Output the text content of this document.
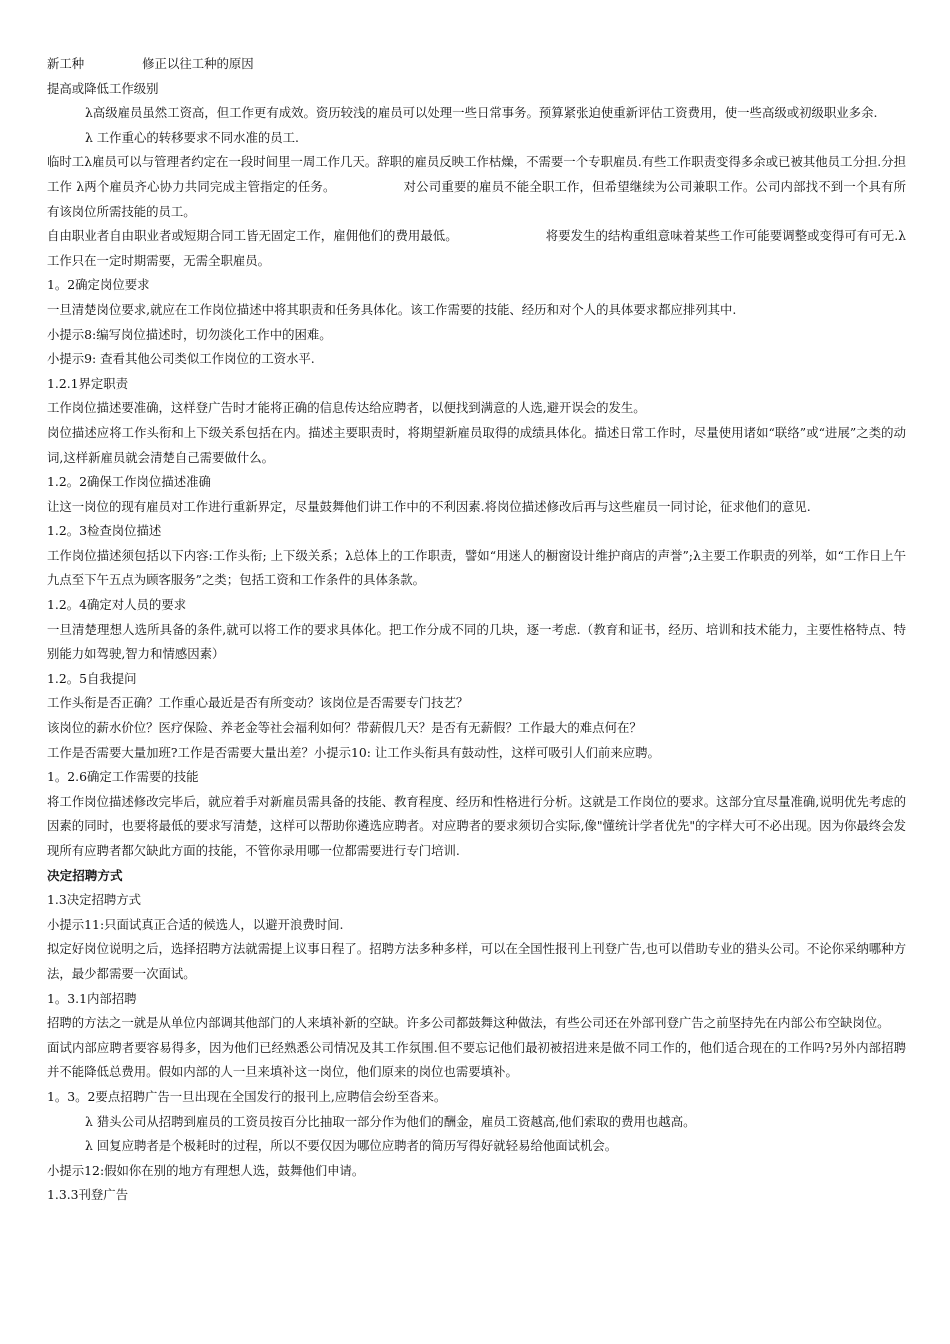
新工种	修正以往工种的原因

提高或降低工作级别

λ高级雇员虽然工资高，但工作更有成效。资历较浅的雇员可以处理一些日常事务。预算紧张迫使重新评估工资费用，使一些高级或初级职业多余.

λ 工作重心的转移要求不同水准的员工.

临时工λ雇员可以与管理者约定在一段时间里一周工作几天。辞职的雇员反映工作枯燥，不需要一个专职雇员.有些工作职责变得多余或已被其他员工分担.分担工作 λ两个雇员齐心协力共同完成主管指定的任务。	对公司重要的雇员不能全职工作，但希望继续为公司兼职工作。公司内部找不到一个具有所有该岗位所需技能的员工。

自由职业者自由职业者或短期合同工皆无固定工作，雇佣他们的费用最低。	将要发生的结构重组意味着某些工作可能要调整或变得可有可无.λ 工作只在一定时期需要，无需全职雇员。

1。2确定岗位要求

一旦清楚岗位要求,就应在工作岗位描述中将其职责和任务具体化。该工作需要的技能、经历和对个人的具体要求都应排列其中.

小提示8:编写岗位描述时，切勿淡化工作中的困难。

小提示9: 查看其他公司类似工作岗位的工资水平.

1.2.1界定职责

工作岗位描述要准确，这样登广告时才能将正确的信息传达给应聘者，以便找到满意的人选,避开误会的发生。

岗位描述应将工作头衔和上下级关系包括在内。描述主要职责时，将期望新雇员取得的成绩具体化。描述日常工作时，尽量使用诸如“联络”或“进展”之类的动词,这样新雇员就会清楚自己需要做什么。

1.2。2确保工作岗位描述准确

让这一岗位的现有雇员对工作进行重新界定，尽量鼓舞他们讲工作中的不利因素.将岗位描述修改后再与这些雇员一同讨论，征求他们的意见.

1.2。3检查岗位描述

工作岗位描述须包括以下内容:工作头衔; 上下级关系；λ总体上的工作职责，譬如“用迷人的橱窗设计维护商店的声誉”;λ主要工作职责的列举，如“工作日上午九点至下午五点为顾客服务”之类；包括工资和工作条件的具体条款。

1.2。4确定对人员的要求

一旦清楚理想人选所具备的条件,就可以将工作的要求具体化。把工作分成不同的几块，逐一考虑.（教育和证书，经历、培训和技术能力，主要性格特点、特别能力如驾驶,智力和情感因素）

1.2。5自我提问

工作头衔是否正确？工作重心最近是否有所变动？该岗位是否需要专门技艺？

该岗位的薪水价位？医疗保险、养老金等社会福利如何？带薪假几天？是否有无薪假？工作最大的难点何在？

工作是否需要大量加班?工作是否需要大量出差？小提示10: 让工作头衔具有鼓动性，这样可吸引人们前来应聘。

1。2.6确定工作需要的技能

将工作岗位描述修改完毕后，就应着手对新雇员需具备的技能、教育程度、经历和性格进行分析。这就是工作岗位的要求。这部分宜尽量准确,说明优先考虑的因素的同时，也要将最低的要求写清楚，这样可以帮助你遴选应聘者。对应聘者的要求须切合实际,像"懂统计学者优先"的字样大可不必出现。因为你最终会发现所有应聘者都欠缺此方面的技能，不管你录用哪一位都需要进行专门培训.

决定招聘方式

1.3决定招聘方式

小提示11:只面试真正合适的候选人，以避开浪费时间.

拟定好岗位说明之后，选择招聘方法就需提上议事日程了。招聘方法多种多样，可以在全国性报刊上刊登广告,也可以借助专业的猎头公司。不论你采纳哪种方法，最少都需要一次面试。

1。3.1内部招聘

招聘的方法之一就是从单位内部调其他部门的人来填补新的空缺。许多公司都鼓舞这种做法，有些公司还在外部刊登广告之前坚持先在内部公布空缺岗位。

面试内部应聘者要容易得多，因为他们已经熟悉公司情况及其工作氛围.但不要忘记他们最初被招进来是做不同工作的，他们适合现在的工作吗?另外内部招聘并不能降低总费用。假如内部的人一旦来填补这一岗位，他们原来的岗位也需要填补。

1。3。2要点招聘广告一旦出现在全国发行的报刊上,应聘信会纷至沓来。

λ 猎头公司从招聘到雇员的工资员按百分比抽取一部分作为他们的酬金，雇员工资越高,他们索取的费用也越高。

λ 回复应聘者是个极耗时的过程，所以不要仅因为哪位应聘者的简历写得好就轻易给他面试机会。

小提示12:假如你在别的地方有理想人选，鼓舞他们申请。

1.3.3刊登广告
